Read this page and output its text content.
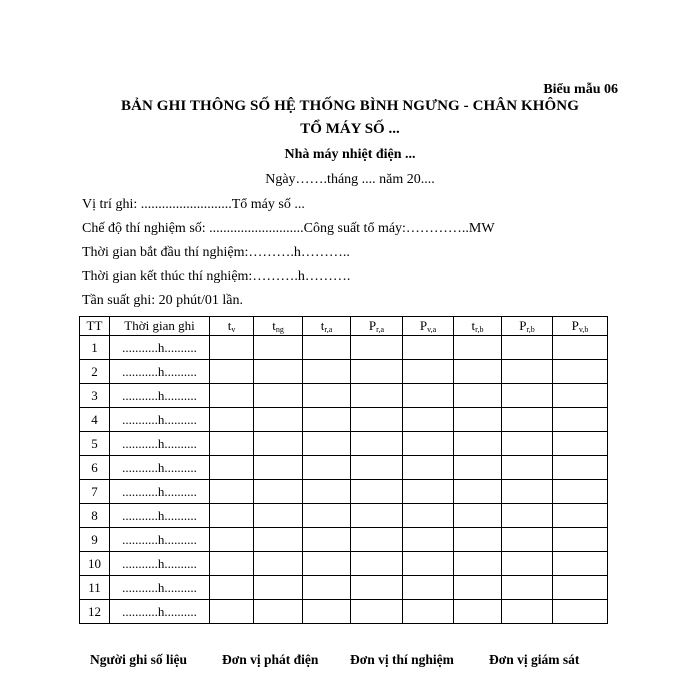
Biểu mẫu 06
BẢN GHI THÔNG SỐ HỆ THỐNG BÌNH NGƯNG - CHÂN KHÔNG
TỔ MÁY SỐ ...
Nhà máy nhiệt điện ...
Ngày…….tháng .... năm 20....
Vị trí ghi: ..........................Tổ máy số ...
Chế độ thí nghiệm số: ...........................Công suất tổ máy:…………..MW
Thời gian bắt đầu thí nghiệm:……….h………..
Thời gian kết thúc thí nghiệm:……….h……….
Tần suất ghi: 20 phút/01 lần.
TT	Thời gian ghi	$t_v$	$t_{ng}$	$t_{r,a}$	$P_{r,a}$	$P_{v,a}$	$t_{r,b}$	$P_{r,b}$	$P_{v,b}$
1	...........h..........								
2	...........h..........								
3	...........h..........								
4	...........h..........								
5	...........h..........								
6	...........h..........								
7	...........h..........								
8	...........h..........								
9	...........h..........								
10	...........h..........								
11	...........h..........								
12	...........h..........								
Người ghi số liệu	Đơn vị phát điện Đơn vị thí nghiệm	Đơn vị giám sát
